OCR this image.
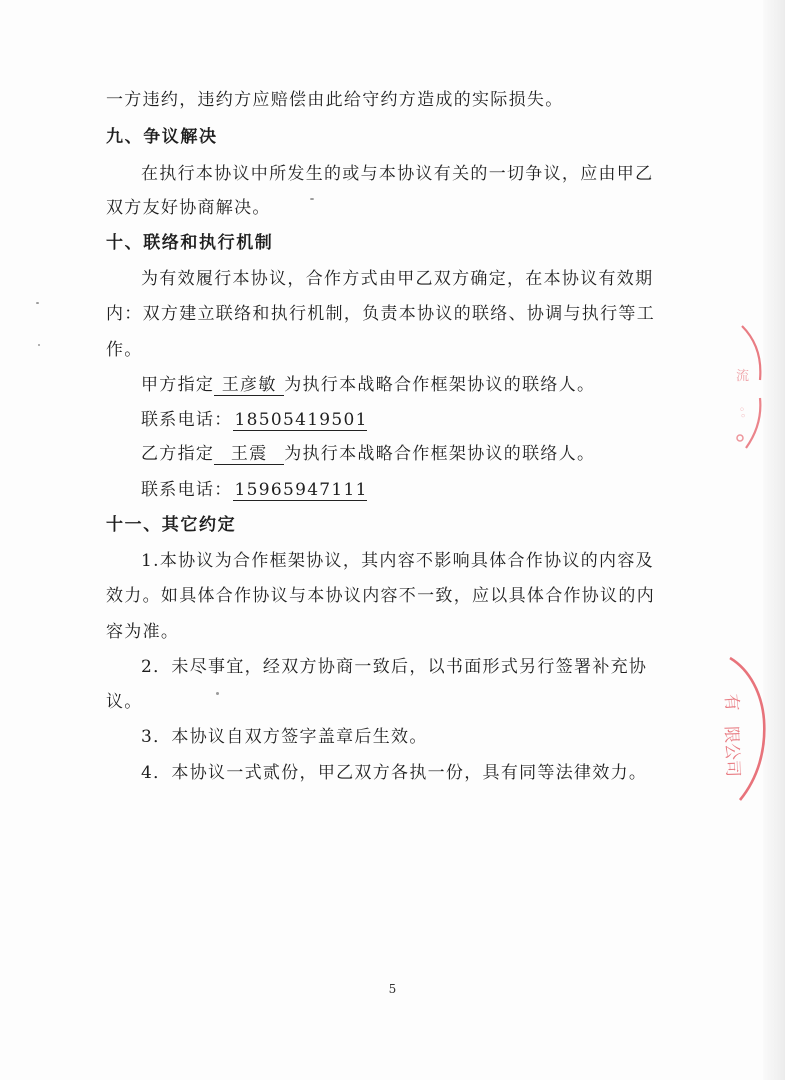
一方违约，违约方应赔偿由此给守约方造成的实际损失。
九、争议解决
在执行本协议中所发生的或与本协议有关的一切争议，应由甲乙
双方友好协商解决。
十、联络和执行机制
为有效履行本协议，合作方式由甲乙双方确定，在本协议有效期
内：双方建立联络和执行机制，负责本协议的联络、协调与执行等工
作。
甲方指定 王彦敏 为执行本战略合作框架协议的联络人。
联系电话： 18505419501
乙方指定 王震 为执行本战略合作框架协议的联络人。
联系电话： 15965947111
十一、其它约定
1.本协议为合作框架协议，其内容不影响具体合作协议的内容及
效力。如具体合作协议与本协议内容不一致，应以具体合作协议的内
容为准。
2．未尽事宜，经双方协商一致后，以书面形式另行签署补充协
议。
3．本协议自双方签字盖章后生效。
4．本协议一式贰份，甲乙双方各执一份，具有同等法律效力。
5
流
◦◦
有
限公司
